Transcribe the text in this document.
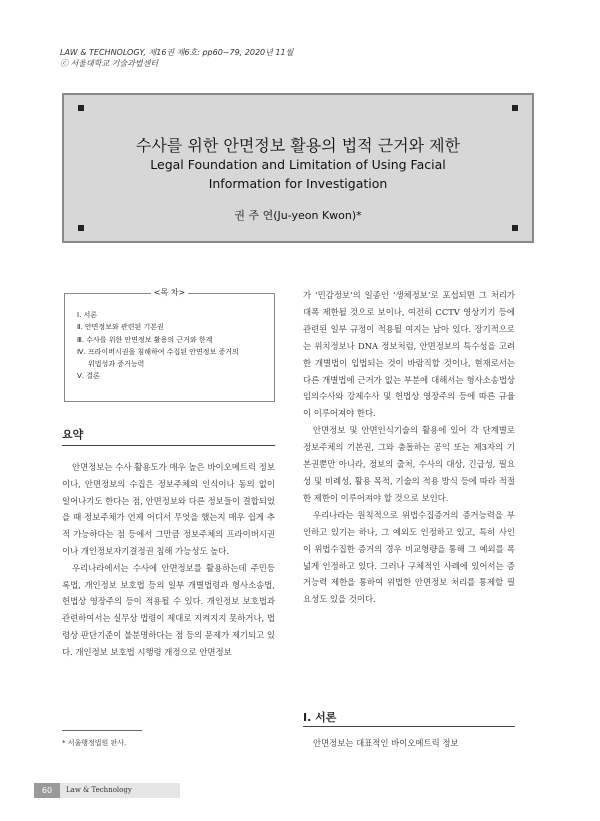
LAW & TECHNOLOGY, 제16권 제6호: pp60~79, 2020년 11월
ⓒ 서울대학교 기술과법센터
수사를 위한 안면정보 활용의 법적 근거와 제한
Legal Foundation and Limitation of Using Facial Information for Investigation
권 주 연(Ju-yeon Kwon)*
<목 차>
Ⅰ. 서론
Ⅱ. 안면정보와 관련된 기본권
Ⅲ. 수사를 위한 안면정보 활용의 근거와 한계
Ⅳ. 프라이버시권을 침해하여 수집된 안면정보 증거의
위법성과 증거능력
Ⅴ. 결론
요약

안면정보는 수사 활용도가 매우 높은 바이오메트릭 정보이나, 안면정보의 수집은 정보주체의 인식이나 동의 없이 일어나기도 한다는 점, 안면정보와 다른 정보들이 결합되었을 때 정보주체가 언제 어디서 무엇을 했는지 매우 쉽게 추적 가능하다는 점 등에서 그만큼 정보주체의 프라이버시권이나 개인정보자기결정권 침해 가능성도 높다.

우리나라에서는 수사에 안면정보를 활용하는데 주민등록법, 개인정보 보호법 등의 일부 개별법령과 형사소송법, 헌법상 영장주의 등이 적용될 수 있다. 개인정보 보호법과 관련하여서는 실무상 법령이 제대로 지켜지지 못하거나, 법령상 판단기준이 불분명하다는 점 등의 문제가 제기되고 있다. 개인정보 보호법 시행령 개정으로 안면정보

가 ‘민감정보’의 일종인 ‘생체정보’로 포섭되면 그 처리가 대폭 제한될 것으로 보이나, 여전히 CCTV 영상기기 등에 관련된 일부 규정이 적용될 여지는 남아 있다. 장기적으로는 위치정보나 DNA 정보처럼, 안면정보의 특수성을 고려한 개별법이 입법되는 것이 바람직할 것이나, 현재로서는 다른 개별법에 근거가 없는 부분에 대해서는 형사소송법상 임의수사와 강제수사 및 헌법상 영장주의 등에 따른 규율이 이루어져야 한다.

안면정보 및 안면인식기술의 활용에 있어 각 단계별로 정보주체의 기본권, 그와 충돌하는 공익 또는 제3자의 기본권뿐만 아니라, 정보의 출처, 수사의 대상, 긴급성, 필요성 및 비례성, 활용 목적, 기술의 적용 방식 등에 따라 적절한 제한이 이루어져야 할 것으로 보인다.

우리나라는 원칙적으로 위법수집증거의 증거능력을 부인하고 있기는 하나, 그 예외도 인정하고 있고, 특히 사인이 위법수집한 증거의 경우 비교형량을 통해 그 예외를 폭넓게 인정하고 있다. 그러나 구체적인 사례에 있어서는 증거능력 제한을 통하여 위법한 안면정보 처리를 통제할 필요성도 있을 것이다.

Ⅰ. 서론
안면정보는 대표적인 바이오메트릭 정보
* 서울행정법원 판사.
60	Law & Technology
